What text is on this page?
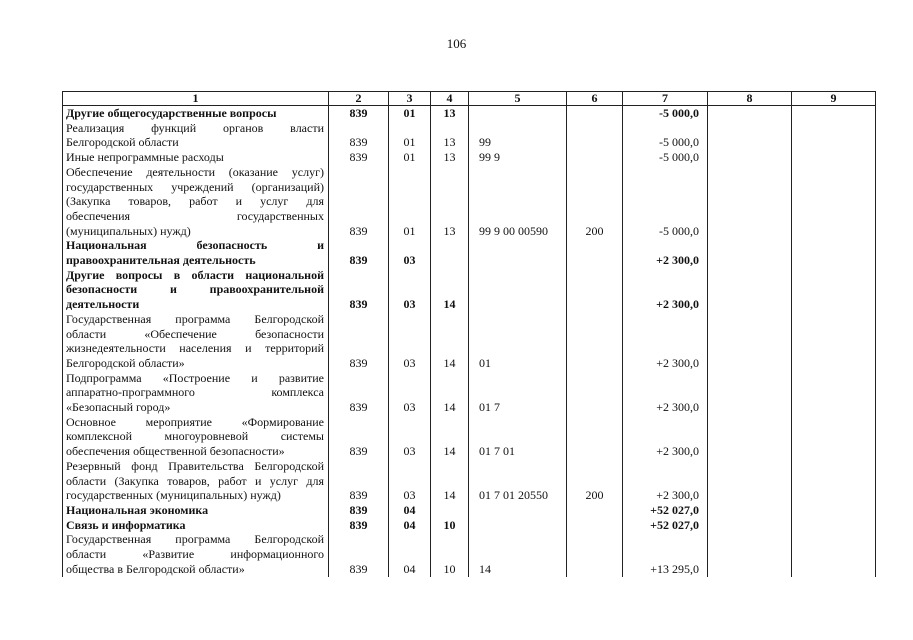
106
1	2	3	4	5	6	7	8	9

Другие общегосударственные вопросы	839	01	13			-5 000,0		

Реализация функций органов власти
Белгородской области	839	01	13	99		-5 000,0		

Иные непрограммные расходы	839	01	13	99 9		-5 000,0		

Обеспечение деятельности (оказание услуг)
государственных учреждений (организаций)
(Закупка товаров, работ и услуг для
обеспечения государственных
(муниципальных) нужд)	839	01	13	99 9 00 00590	200	-5 000,0		

Национальная безопасность и
правоохранительная деятельность	839	03				+2 300,0		

Другие вопросы в области национальной
безопасности и правоохранительной
деятельности	839	03	14			+2 300,0		

Государственная программа Белгородской
области «Обеспечение безопасности
жизнедеятельности населения и территорий
Белгородской области»	839	03	14	01		+2 300,0		

Подпрограмма «Построение и развитие
аппаратно-программного комплекса
«Безопасный город»	839	03	14	01 7		+2 300,0		

Основное мероприятие «Формирование
комплексной многоуровневой системы
обеспечения общественной безопасности»	839	03	14	01 7 01		+2 300,0		

Резервный фонд Правительства Белгородской
области (Закупка товаров, работ и услуг для
государственных (муниципальных) нужд)	839	03	14	01 7 01 20550	200	+2 300,0		

Национальная экономика	839	04				+52 027,0		

Связь и информатика	839	04	10			+52 027,0		

Государственная программа Белгородской
области «Развитие информационного
общества в Белгородской области»	839	04	10	14		+13 295,0		
